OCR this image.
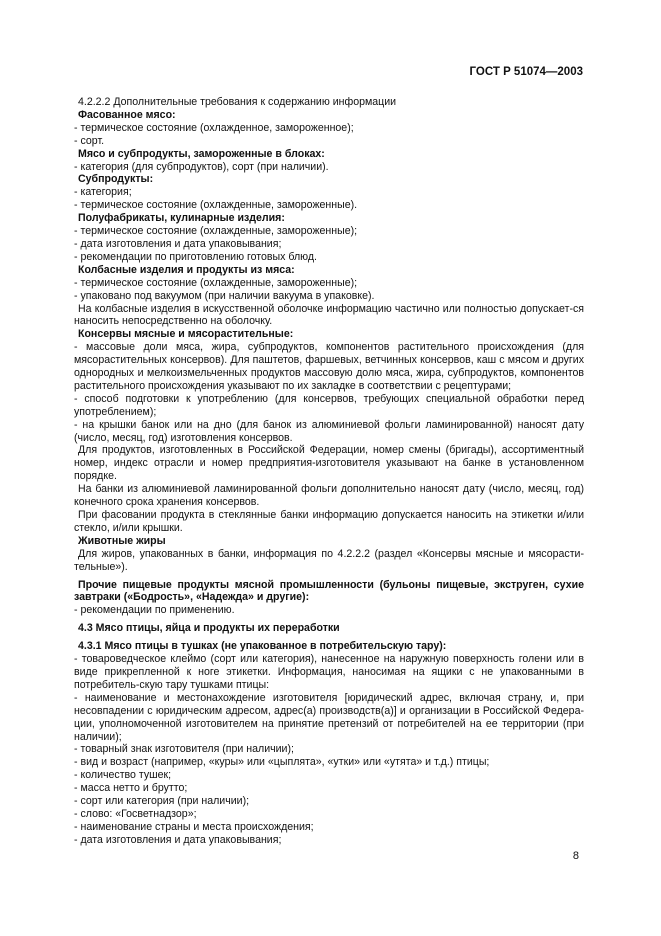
ГОСТ Р 51074—2003

4.2.2.2 Дополнительные требования к содержанию информации

Фасованное мясо:

- термическое состояние (охлажденное, замороженное);

- сорт.

Мясо и субпродукты, замороженные в блоках:

- категория (для субпродуктов), сорт (при наличии).

Субпродукты:

- категория;

- термическое состояние (охлажденные, замороженные).

Полуфабрикаты, кулинарные изделия:

- термическое состояние (охлажденные, замороженные);

- дата изготовления и дата упаковывания;

- рекомендации по приготовлению готовых блюд.

Колбасные изделия и продукты из мяса:

- термическое состояние (охлажденные, замороженные);

- упаковано под вакуумом (при наличии вакуума в упаковке).

На колбасные изделия в искусственной оболочке информацию частично или полностью допускает-ся наносить непосредственно на оболочку.

Консервы мясные и мясорастительные:

- массовые доли мяса, жира, субпродуктов, компонентов растительного происхождения (для мясорастительных консервов). Для паштетов, фаршевых, ветчинных консервов, каш с мясом и других однородных и мелкоизмельченных продуктов массовую долю мяса, жира, субпродуктов, компонентов растительного происхождения указывают по их закладке в соответствии с рецептурами;

- способ подготовки к употреблению (для консервов, требующих специальной обработки перед употреблением);

- на крышки банок или на дно (для банок из алюминиевой фольги ламинированной) наносят дату (число, месяц, год) изготовления консервов.

Для продуктов, изготовленных в Российской Федерации, номер смены (бригады), ассортиментный номер, индекс отрасли и номер предприятия-изготовителя указывают на банке в установленном порядке.

На банки из алюминиевой ламинированной фольги дополнительно наносят дату (число, месяц, год) конечного срока хранения консервов.

При фасовании продукта в стеклянные банки информацию допускается наносить на этикетки и/или стекло, и/или крышки.

Животные жиры

Для жиров, упакованных в банки, информация по 4.2.2.2 (раздел «Консервы мясные и мясорасти-тельные»).

Прочие пищевые продукты мясной промышленности (бульоны пищевые, экструген, сухие завтраки («Бодрость», «Надежда» и другие):

- рекомендации по применению.

4.3 Мясо птицы, яйца и продукты их переработки

4.3.1 Мясо птицы в тушках (не упакованное в потребительскую тару):

- товароведческое клеймо (сорт или категория), нанесенное на наружную поверхность голени или в виде прикрепленной к ноге этикетки. Информация, наносимая на ящики с не упакованными в потребитель-скую тару тушками птицы:

- наименование и местонахождение изготовителя [юридический адрес, включая страну, и, при несовпадении с юридическим адресом, адрес(а) производств(а)] и организации в Российской Федера-ции, уполномоченной изготовителем на принятие претензий от потребителей на ее территории (при наличии);

- товарный знак изготовителя (при наличии);

- вид и возраст (например, «куры» или «цыплята», «утки» или «утята» и т.д.) птицы;

- количество тушек;

- масса нетто и брутто;

- сорт или категория (при наличии);

- слово: «Госветнадзор»;

- наименование страны и места происхождения;

- дата изготовления и дата упаковывания;

8
